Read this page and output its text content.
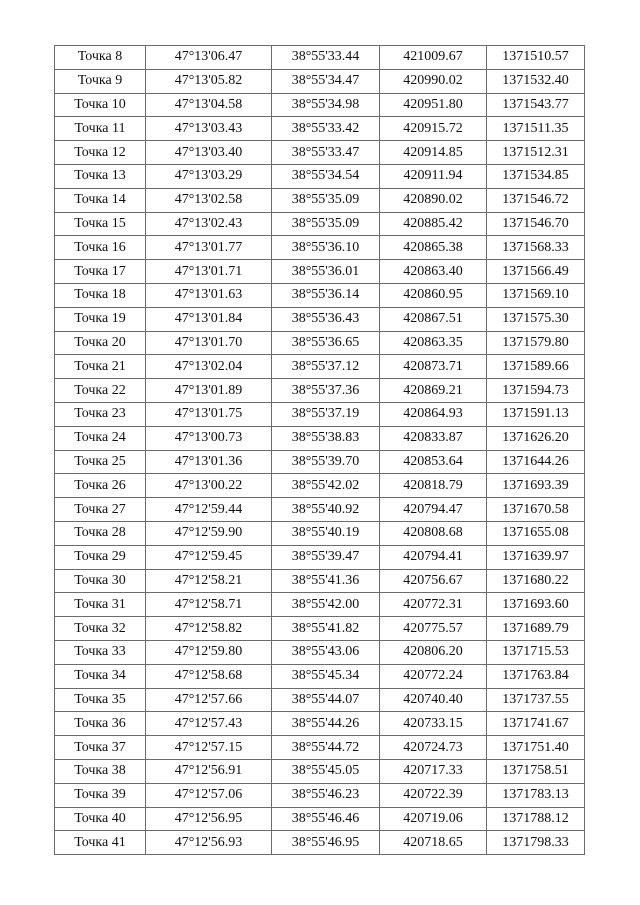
Точка 8	47°13'06.47	38°55'33.44	421009.67	1371510.57
Точка 9	47°13'05.82	38°55'34.47	420990.02	1371532.40
Точка 10	47°13'04.58	38°55'34.98	420951.80	1371543.77
Точка 11	47°13'03.43	38°55'33.42	420915.72	1371511.35
Точка 12	47°13'03.40	38°55'33.47	420914.85	1371512.31
Точка 13	47°13'03.29	38°55'34.54	420911.94	1371534.85
Точка 14	47°13'02.58	38°55'35.09	420890.02	1371546.72
Точка 15	47°13'02.43	38°55'35.09	420885.42	1371546.70
Точка 16	47°13'01.77	38°55'36.10	420865.38	1371568.33
Точка 17	47°13'01.71	38°55'36.01	420863.40	1371566.49
Точка 18	47°13'01.63	38°55'36.14	420860.95	1371569.10
Точка 19	47°13'01.84	38°55'36.43	420867.51	1371575.30
Точка 20	47°13'01.70	38°55'36.65	420863.35	1371579.80
Точка 21	47°13'02.04	38°55'37.12	420873.71	1371589.66
Точка 22	47°13'01.89	38°55'37.36	420869.21	1371594.73
Точка 23	47°13'01.75	38°55'37.19	420864.93	1371591.13
Точка 24	47°13'00.73	38°55'38.83	420833.87	1371626.20
Точка 25	47°13'01.36	38°55'39.70	420853.64	1371644.26
Точка 26	47°13'00.22	38°55'42.02	420818.79	1371693.39
Точка 27	47°12'59.44	38°55'40.92	420794.47	1371670.58
Точка 28	47°12'59.90	38°55'40.19	420808.68	1371655.08
Точка 29	47°12'59.45	38°55'39.47	420794.41	1371639.97
Точка 30	47°12'58.21	38°55'41.36	420756.67	1371680.22
Точка 31	47°12'58.71	38°55'42.00	420772.31	1371693.60
Точка 32	47°12'58.82	38°55'41.82	420775.57	1371689.79
Точка 33	47°12'59.80	38°55'43.06	420806.20	1371715.53
Точка 34	47°12'58.68	38°55'45.34	420772.24	1371763.84
Точка 35	47°12'57.66	38°55'44.07	420740.40	1371737.55
Точка 36	47°12'57.43	38°55'44.26	420733.15	1371741.67
Точка 37	47°12'57.15	38°55'44.72	420724.73	1371751.40
Точка 38	47°12'56.91	38°55'45.05	420717.33	1371758.51
Точка 39	47°12'57.06	38°55'46.23	420722.39	1371783.13
Точка 40	47°12'56.95	38°55'46.46	420719.06	1371788.12
Точка 41	47°12'56.93	38°55'46.95	420718.65	1371798.33
